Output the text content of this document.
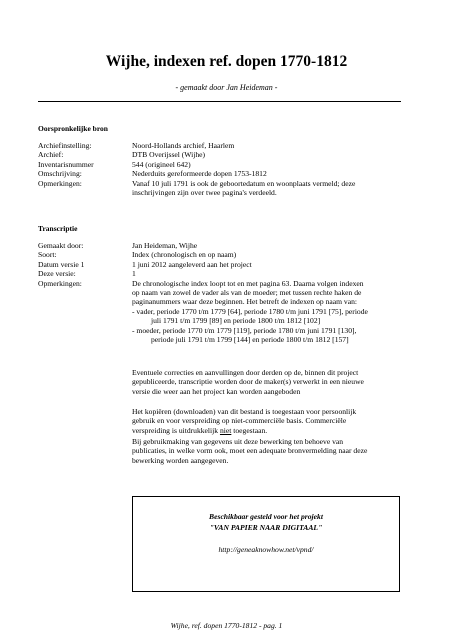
Wijhe, indexen ref. dopen 1770-1812
- gemaakt door Jan Heideman -
Oorspronkelijke bron
Archiefinstelling:	Noord-Hollands archief, Haarlem
Archief:	DTB Overijssel (Wijhe)
Inventarisnummer	544 (origineel 642)
Omschrijving:	Nederduits gereformeerde dopen 1753-1812
Opmerkingen:	Vanaf 10 juli 1791 is ook de geboortedatum en woonplaats vermeld; deze
inschrijvingen zijn over twee pagina's verdeeld.
Transcriptie
Gemaakt door:	Jan Heideman, Wijhe
Soort:	Index (chronologisch en op naam)
Datum versie 1	1 juni 2012 aangeleverd aan het project
Deze versie:	1
Opmerkingen:	De chronologische index loopt tot en met pagina 63. Daarna volgen indexen
op naam van zowel de vader als van de moeder; met tussen rechte haken de
paginanummers waar deze beginnen. Het betreft de indexen op naam van:
- vader, periode 1770 t/m 1779 [64], periode 1780 t/m juni 1791 [75], periode
juli 1791 t/m 1799 [89] en periode 1800 t/m 1812 [102]
- moeder, periode 1770 t/m 1779 [119], periode 1780 t/m juni 1791 [130],
periode juli 1791 t/m 1799 [144] en periode 1800 t/m 1812 [157]
Eventuele correcties en aanvullingen door derden op de, binnen dit project
gepubliceerde, transcriptie worden door de maker(s) verwerkt in een nieuwe
versie die weer aan het project kan worden aangeboden
Het kopiëren (downloaden) van dit bestand is toegestaan voor persoonlijk
gebruik en voor verspreiding op niet-commerciële basis. Commerciële
verspreiding is uitdrukkelijk niet toegestaan.
Bij gebruikmaking van gegevens uit deze bewerking ten behoeve van
publicaties, in welke vorm ook, moet een adequate bronvermelding naar deze
bewerking worden aangegeven.
Beschikbaar gesteld voor het projekt
"VAN PAPIER NAAR DIGITAAL"
http://geneaknowhow.net/vpnd/
Wijhe, ref. dopen 1770-1812 - pag. 1
